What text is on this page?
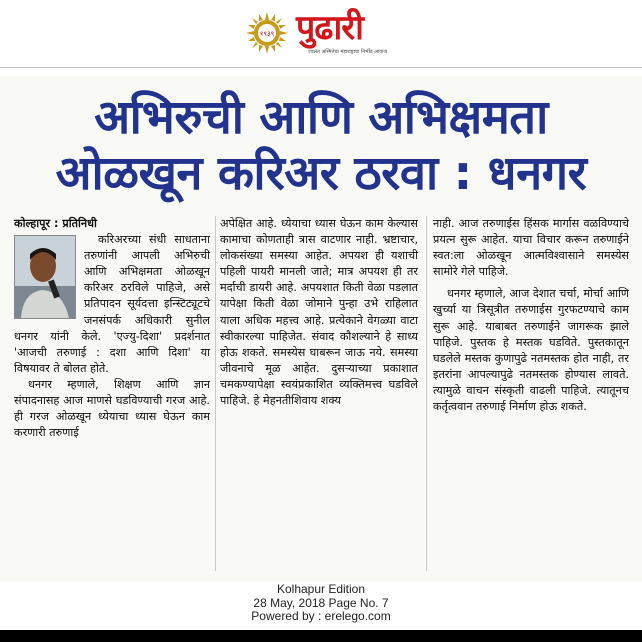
१९३९ पुढारी
ज्वलंत अस्मितेचा महाराष्ट्राचा निर्भीड आवाज
अभिरुची आणि अभिक्षमता
ओळखून करिअर ठरवा : धनगर
कोल्हापूर : प्रतिनिधी

करिअरच्या संधी साधताना तरुणांनी आपली अभिरुची आणि अभिक्षमता ओळखून करिअर ठरविले पाहिजे, असे प्रतिपादन सूर्यदत्ता इन्स्टिट्यूटचे जनसंपर्क अधिकारी सुनील धनगर यांनी केले. 'एज्यु-दिशा' प्रदर्शनात 'आजची तरुणाई : दशा आणि दिशा' या विषयावर ते बोलत होते.

धनगर म्हणाले, शिक्षण आणि ज्ञान संपादनासह आज माणसे घडविण्याची गरज आहे. ही गरज ओळखून ध्येयाचा ध्यास घेऊन काम करणारी तरुणाई

अपेक्षित आहे. ध्येयाचा ध्यास घेऊन काम केल्यास कामाचा कोणताही त्रास वाटणार नाही. भ्रष्टाचार, लोकसंख्या समस्या आहेत. अपयश ही यशाची पहिली पायरी मानली जाते; मात्र अपयश ही तर मर्दाची डायरी आहे. अपयशात किती वेळा पडलात यापेक्षा किती वेळा जोमाने पुन्हा उभे राहिलात याला अधिक महत्त्व आहे. प्रत्येकाने वेगळ्या वाटा स्वीकारल्या पाहिजेत. संवाद कौशल्याने हे साध्य होऊ शकते. समस्येस घाबरून जाऊ नये. समस्या जीवनाचे मूळ आहेत. दुसऱ्याच्या प्रकाशात चमकण्यापेक्षा स्वयंप्रकाशित व्यक्तिमत्त्व घडविले पाहिजे. हे मेहनतीशिवाय शक्य

नाही. आज तरुणाईस हिंसक मार्गास वळविण्याचे प्रयत्न सुरू आहेत. याचा विचार करून तरुणाईने स्वत:ला ओळखून आत्मविश्वासाने समस्येस सामोरे गेले पाहिजे.

धनगर म्हणाले, आज देशात चर्चा, मोर्चा आणि खुर्च्या या त्रिसूत्रीत तरुणाईस गुरफटण्याचे काम सुरू आहे. याबाबत तरुणाईने जागरूक झाले पाहिजे. पुस्तक हे मस्तक घडविते. पुस्तकातून घडलेले मस्तक कुणापुढे नतमस्तक होत नाही, तर इतरांना आपल्यापुढे नतमस्तक होण्यास लावते. त्यामुळे वाचन संस्कृती वाढली पाहिजे. त्यातूनच कर्तृत्ववान तरुणाई निर्माण होऊ शकते.

Kolhapur Edition
28 May, 2018 Page No. 7
Powered by : erelego.com
